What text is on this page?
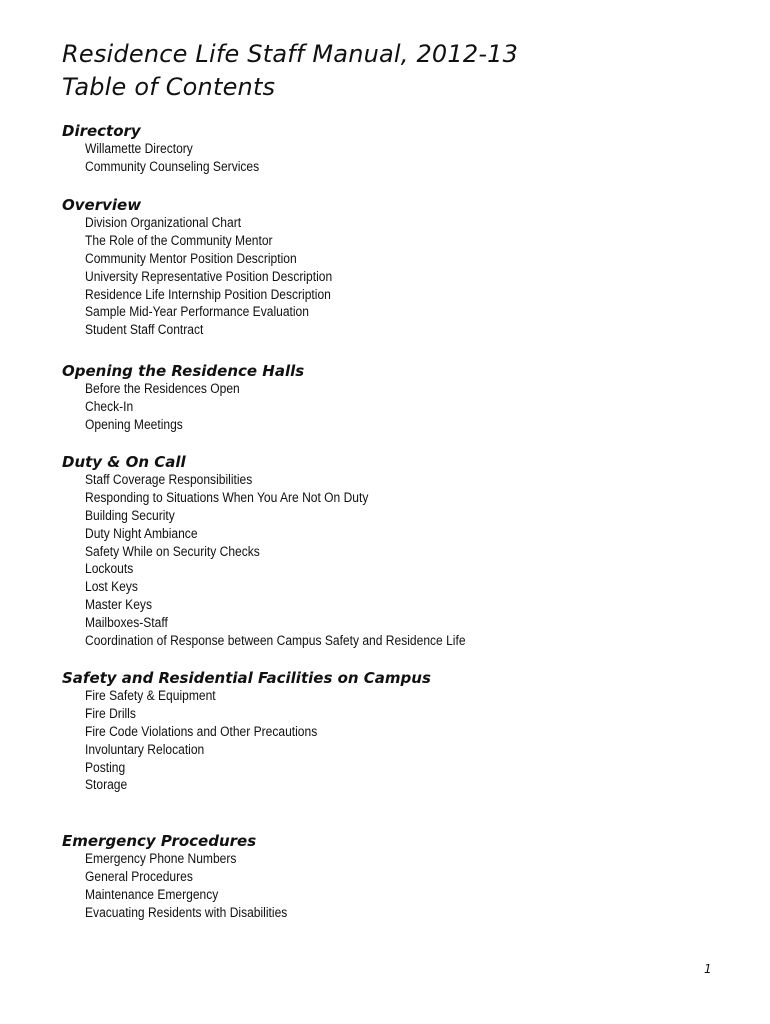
Residence Life Staff Manual, 2012-13
Table of Contents
Directory
Willamette Directory
Community Counseling Services
Overview
Division Organizational Chart
The Role of the Community Mentor
Community Mentor Position Description
University Representative Position Description
Residence Life Internship Position Description
Sample Mid-Year Performance Evaluation
Student Staff Contract
Opening the Residence Halls
Before the Residences Open
Check-In
Opening Meetings
Duty & On Call
Staff Coverage Responsibilities
Responding to Situations When You Are Not On Duty
Building Security
Duty Night Ambiance
Safety While on Security Checks
Lockouts
Lost Keys
Master Keys
Mailboxes-Staff
Coordination of Response between Campus Safety and Residence Life
Safety and Residential Facilities on Campus
Fire Safety & Equipment
Fire Drills
Fire Code Violations and Other Precautions
Involuntary Relocation
Posting
Storage
Emergency Procedures
Emergency Phone Numbers
General Procedures
Maintenance Emergency
Evacuating Residents with Disabilities
1
